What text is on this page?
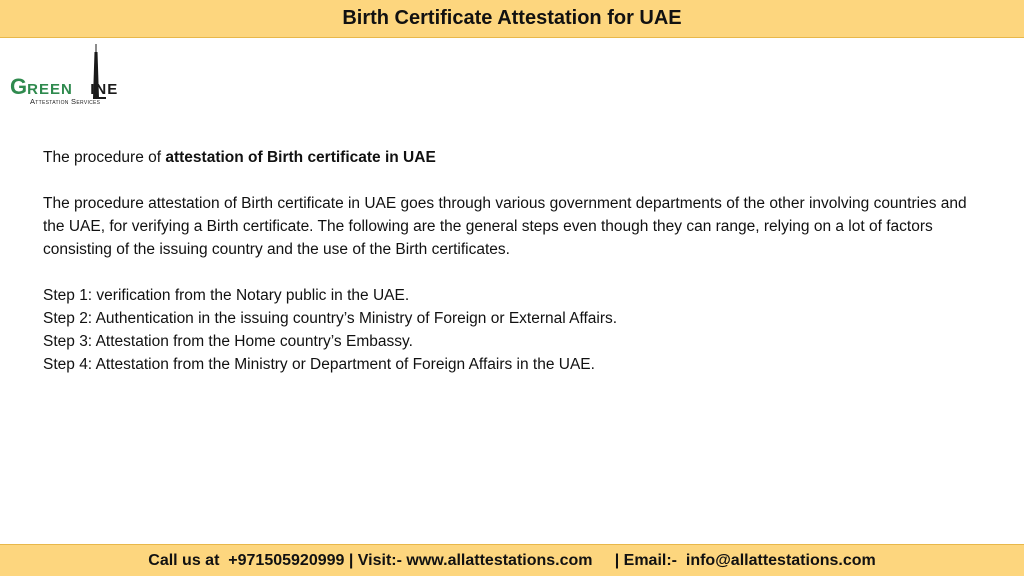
Birth Certificate Attestation for UAE
GREEN INE
Attestation Services

The procedure of attestation of Birth certificate in UAE

The procedure attestation of Birth certificate in UAE goes through various government departments of the other involving countries and the UAE, for verifying a Birth certificate. The following are the general steps even though they can range, relying on a lot of factors consisting of the issuing country and the use of the Birth certificates.

Step 1: verification from the Notary public in the UAE.

Step 2: Authentication in the issuing country’s Ministry of Foreign or External Affairs.

Step 3: Attestation from the Home country’s Embassy.

Step 4: Attestation from the Ministry or Department of Foreign Affairs in the UAE.

Call us at  +971505920999 | Visit:- www.allattestations.com     | Email:-  info@allattestations.com
